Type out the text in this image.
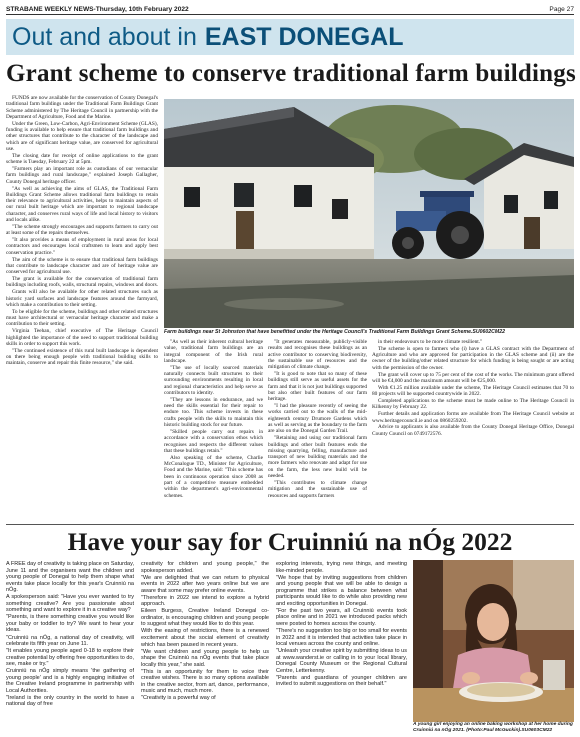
STRABANE WEEKLY NEWS-Thursday, 10th February 2022	Page 27
Out and about in EAST DONEGAL
Grant scheme to conserve traditional farm buildings

FUNDS are now available for the conservation of County Donegal's traditional farm buildings under the Traditional Farm Buildings Grant Scheme administered by The Heritage Council in partnership with the Department of Agriculture, Food and the Marine.

Under the Green, Low-Carbon, Agri-Environment Scheme (GLAS), funding is available to help ensure that traditional farm buildings and other structures that contribute to the character of the landscape and which are of significant heritage value, are conserved for agricultural use.

The closing date for receipt of online applications to the grant scheme is Tuesday, February 22 at 5pm.

"Farmers play an important role as custodians of our vernacular farm buildings and rural landscape," explained Joseph Gallagher, County Donegal heritage officer.

"As well as achieving the aims of GLAS, the Traditional Farm Buildings Grant Scheme allows traditional farm buildings to retain their relevance to agricultural activities, helps to maintain aspects of our rural built heritage which are important to regional landscape character, and conserves rural ways of life and local history to visitors and locals alike.

"The scheme strongly encourages and supports farmers to carry out at least some of the repairs themselves.

"It also provides a means of employment in rural areas for local contractors and encourages local craftsmen to learn and apply best conservation practice."

The aim of the scheme is to ensure that traditional farm buildings that contribute to landscape character and are of heritage value are conserved for agricultural use.

The grant is available for the conservation of traditional farm buildings including roofs, walls, structural repairs, windows and doors.

Grants will also be available for other related structures such as historic yard surfaces and landscape features around the farmyard, which make a contribution to their setting.

To be eligible for the scheme, buildings and other related structures must have architectural or vernacular heritage character and make a contribution to their setting.

Virginia Teehan, chief executive of The Heritage Council highlighted the importance of the need to support traditional building skills in order to support this work.

"The continued existence of this rural built landscape is dependent on there being enough people with traditional building skills to maintain, conserve and repair this finite resource," she said.

Farm buildings near St Johnston that have benefitted under the Heritage Council's Traditional Farm Buildings Grant Scheme.SU0602CM22

"As well as their inherent cultural heritage value, traditional farm buildings are an integral component of the Irish rural landscape.

"The use of locally sourced materials naturally connects built structures to their surrounding environments resulting in local and regional characteristics and help serve as contributors to identity.

"They are lessons in endurance, and we need the skills essential for their repair to endure too. This scheme invests in these crafts people with the skills to maintain this historic building stock for our future.

"Skilled people carry out repairs in accordance with a conservation ethos which recognises and respects the different values that these buildings retain."

Also speaking of the scheme, Charlie McConalogue TD., Minister for Agriculture, Food and the Marine, said: "This scheme has been in continuous operation since 2008 as part of a competitive measure embedded within the department's agri-environmental schemes.

"It generates measurable, publicly-visible results and recognises these buildings as an active contributor to conserving biodiversity, the sustainable use of resources and the mitigation of climate change.

"It is good to note that so many of these buildings still serve as useful assets for the farm and that it is not just buildings supported but also other built features of our farm heritage.

"I had the pleasure recently of seeing the works carried out to the walls of the mid-eighteenth century Drumore Gardens which as well as serving as the boundary to the farm are also on the Donegal Garden Trail.

"Retaining and using our traditional farm buildings and other built features ends the missing quarrying, felling, manufacture and transport of new building materials and the more farmers who renovate and adapt for use on the farm, the less new build will be needed.

"This contributes to climate change mitigation and the sustainable use of resources and supports farmers

in their endeavours to be more climate resilient."

The scheme is open to farmers who (i) have a GLAS contract with the Department of Agriculture and who are approved for participation in the GLAS scheme and (ii) are the owner of the building/other related structure for which funding is being sought or are acting with the permission of the owner.

The grant will cover up to 75 per cent of the cost of the works. The minimum grant offered will be €4,000 and the maximum amount will be €25,000.

With €1.25 million available under the scheme, The Heritage Council estimates that 70 to 80 projects will be supported countrywide in 2022.

Completed applications to the scheme must be made online to The Heritage Council in Kilkenny by February 22.

Further details and application forms are available from The Heritage Council website at www.heritagecouncil.ie and on 0860259202.

Advice to applicants is also available from the County Donegal Heritage Office, Donegal County Council on 0749172576.

Have your say for Cruinniú na nÓg 2022

A FREE day of creativity is taking place on Saturday, June 11 and the organisers want the children and young people of Donegal to help them shape what events take place locally for this year's Cruinniú na nÓg.

A spokesperson said: "Have you ever wanted to try something creative? Are you passionate about something and want to explore it in a creative way?

"Parents, is there something creative you would like your baby or toddler to try? We want to hear your ideas.

"Cruinniú na nÓg, a national day of creativity, will celebrate its fifth year on June 11.

"It enables young people aged 0-18 to explore their creative potential by offering free opportunities to do, see, make or try."

Cruinniú na nÓg simply means 'the gathering of young people' and is a highly engaging initiative of the Creative Ireland programme in partnership with Local Authorities.

"Ireland is the only country in the world to have a national day of free

creativity for children and young people," the spokesperson added.

"We are delighted that we can return to physical events in 2022 after two years online but we are aware that some may prefer online events.

"Therefore in 2022 we intend to explore a hybrid approach.

Eileen Burgess, Creative Ireland Donegal co-ordinator, is encouraging children and young people to suggest what they would like to do this year.

With the easing of restrictions, there is a renewed excitement about the social element of creativity which has been paused in recent years.

"We want children and young people to help us shape the Cruinniú na nÓg events that take place locally this year," she said.

"This is an opportunity for them to voice their creative wishes. There is so many options available in the creative sector, from art, dance, performance, music and much, much more.

"Creativity is a powerful way of

exploring interests, trying new things, and meeting like-minded people.

"We hope that by inviting suggestions from children and young people that we will be able to design a programme that strikes a balance between what participants would like to do while also providing new and exciting opportunities in Donegal.

"For the past two years, all Cruinniú events took place online and in 2021 we introduced packs which were posted to homes across the county.

"There's no suggestion too big or too small for events in 2022 and it is intended that activities take place in local venues across the county and online.

"Unleash your creative spirit by submitting ideas to us at www.wanderst.ie or calling in to your local library, Donegal County Museum or the Regional Cultural Centre, Letterkenny.

"Parents and guardians of younger children are invited to submit suggestions on their behalf."

A young girl enjoying an online baking workshop at her home during Cruinniú na nÓg 2021. (Photo:Paul McGuckin).SU0603CM22
